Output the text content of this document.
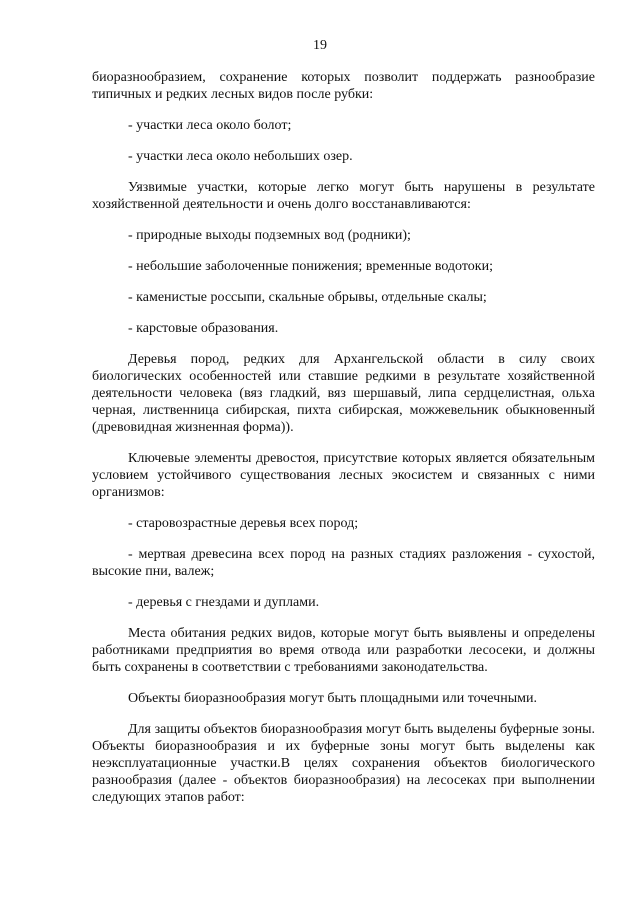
19

биоразнообразием, сохранение которых позволит поддержать разнообразие типичных и редких лесных видов после рубки:

- участки леса около болот;

- участки леса около небольших озер.

Уязвимые участки, которые легко могут быть нарушены в результате хозяйственной деятельности и очень долго восстанавливаются:

- природные выходы подземных вод (родники);

- небольшие заболоченные понижения; временные водотоки;

- каменистые россыпи, скальные обрывы, отдельные скалы;

- карстовые образования.

Деревья пород, редких для Архангельской области в силу своих биологических особенностей или ставшие редкими в результате хозяйственной деятельности человека (вяз гладкий, вяз шершавый, липа сердцелистная, ольха черная, лиственница сибирская, пихта сибирская, можжевельник обыкновенный (древовидная жизненная форма)).

Ключевые элементы древостоя, присутствие которых является обязательным условием устойчивого существования лесных экосистем и связанных с ними организмов:

- старовозрастные деревья всех пород;

- мертвая древесина всех пород на разных стадиях разложения - сухостой, высокие пни, валеж;

- деревья с гнездами и дуплами.

Места обитания редких видов, которые могут быть выявлены и определены работниками предприятия во время отвода или разработки лесосеки, и должны быть сохранены в соответствии с требованиями законодательства.

Объекты биоразнообразия могут быть площадными или точечными.

Для защиты объектов биоразнообразия могут быть выделены буферные зоны. Объекты биоразнообразия и их буферные зоны могут быть выделены как неэксплуатационные участки.В целях сохранения объектов биологического разнообразия (далее - объектов биоразнообразия) на лесосеках при выполнении следующих этапов работ:
